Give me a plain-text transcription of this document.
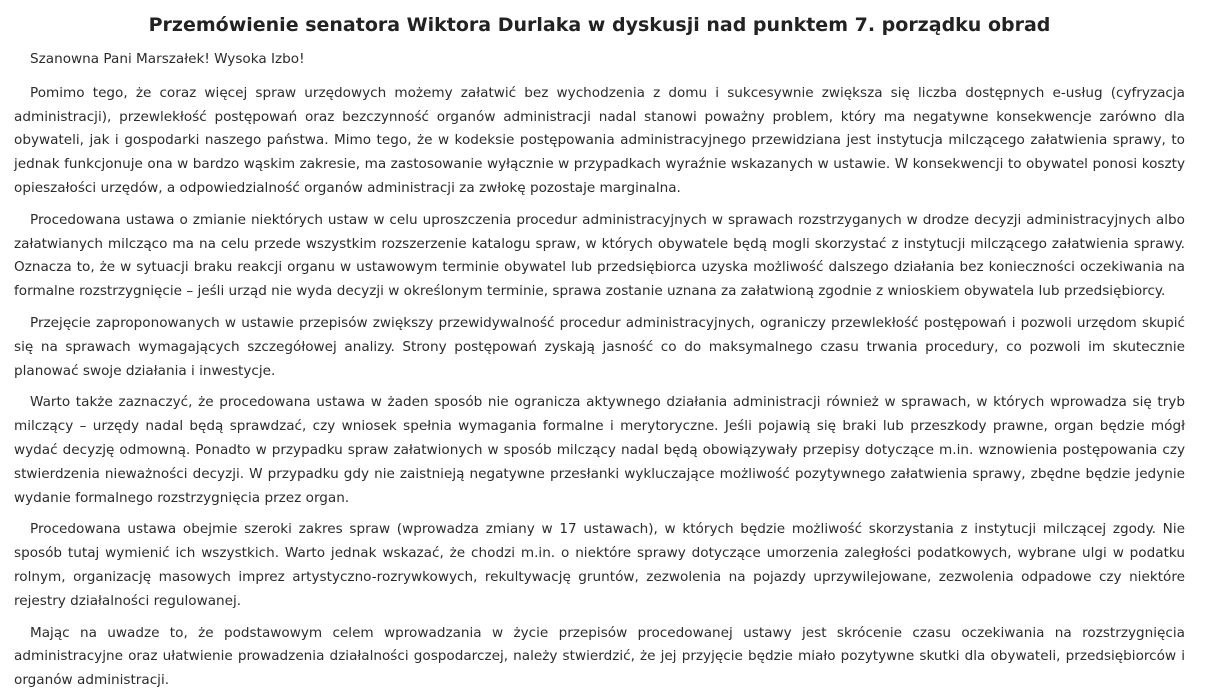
Przemówienie senatora Wiktora Durlaka w dyskusji nad punktem 7. porządku obrad

Szanowna Pani Marszałek! Wysoka Izbo!

Pomimo tego, że coraz więcej spraw urzędowych możemy załatwić bez wychodzenia z domu i sukcesywnie zwiększa się liczba dostępnych e-usług (cyfryzacja administracji), przewlekłość postępowań oraz bezczynność organów administracji nadal stanowi poważny problem, który ma negatywne konsekwencje zarówno dla obywateli, jak i gospodarki naszego państwa. Mimo tego, że w kodeksie postępowania administracyjnego przewidziana jest instytucja milczącego załatwienia sprawy, to jednak funkcjonuje ona w bardzo wąskim zakresie, ma zastosowanie wyłącznie w przypadkach wyraźnie wskazanych w ustawie. W konsekwencji to obywatel ponosi koszty opieszałości urzędów, a odpowiedzialność organów administracji za zwłokę pozostaje marginalna.

Procedowana ustawa o zmianie niektórych ustaw w celu uproszczenia procedur administracyjnych w sprawach rozstrzyganych w drodze decyzji administracyjnych albo załatwianych milcząco ma na celu przede wszystkim rozszerzenie katalogu spraw, w których obywatele będą mogli skorzystać z instytucji milczącego załatwienia sprawy. Oznacza to, że w sytuacji braku reakcji organu w ustawowym terminie obywatel lub przedsiębiorca uzyska możliwość dalszego działania bez konieczności oczekiwania na formalne rozstrzygnięcie – jeśli urząd nie wyda decyzji w określonym terminie, sprawa zostanie uznana za załatwioną zgodnie z wnioskiem obywatela lub przedsiębiorcy.

Przejęcie zaproponowanych w ustawie przepisów zwiększy przewidywalność procedur administracyjnych, ograniczy przewlekłość postępowań i pozwoli urzędom skupić się na sprawach wymagających szczegółowej analizy. Strony postępowań zyskają jasność co do maksymalnego czasu trwania procedury, co pozwoli im skutecznie planować swoje działania i inwestycje.

Warto także zaznaczyć, że procedowana ustawa w żaden sposób nie ogranicza aktywnego działania administracji również w sprawach, w których wprowadza się tryb milczący – urzędy nadal będą sprawdzać, czy wniosek spełnia wymagania formalne i merytoryczne. Jeśli pojawią się braki lub przeszkody prawne, organ będzie mógł wydać decyzję odmowną. Ponadto w przypadku spraw załatwionych w sposób milczący nadal będą obowiązywały przepisy dotyczące m.in. wznowienia postępowania czy stwierdzenia nieważności decyzji. W przypadku gdy nie zaistnieją negatywne przesłanki wykluczające możliwość pozytywnego załatwienia sprawy, zbędne będzie jedynie wydanie formalnego rozstrzygnięcia przez organ.

Procedowana ustawa obejmie szeroki zakres spraw (wprowadza zmiany w 17 ustawach), w których będzie możliwość skorzystania z instytucji milczącej zgody. Nie sposób tutaj wymienić ich wszystkich. Warto jednak wskazać, że chodzi m.in. o niektóre sprawy dotyczące umorzenia zaległości podatkowych, wybrane ulgi w podatku rolnym, organizację masowych imprez artystyczno-rozrywkowych, rekultywację gruntów, zezwolenia na pojazdy uprzywilejowane, zezwolenia odpadowe czy niektóre rejestry działalności regulowanej.

Mając na uwadze to, że podstawowym celem wprowadzania w życie przepisów procedowanej ustawy jest skrócenie czasu oczekiwania na rozstrzygnięcia administracyjne oraz ułatwienie prowadzenia działalności gospodarczej, należy stwierdzić, że jej przyjęcie będzie miało pozytywne skutki dla obywateli, przedsiębiorców i organów administracji.
